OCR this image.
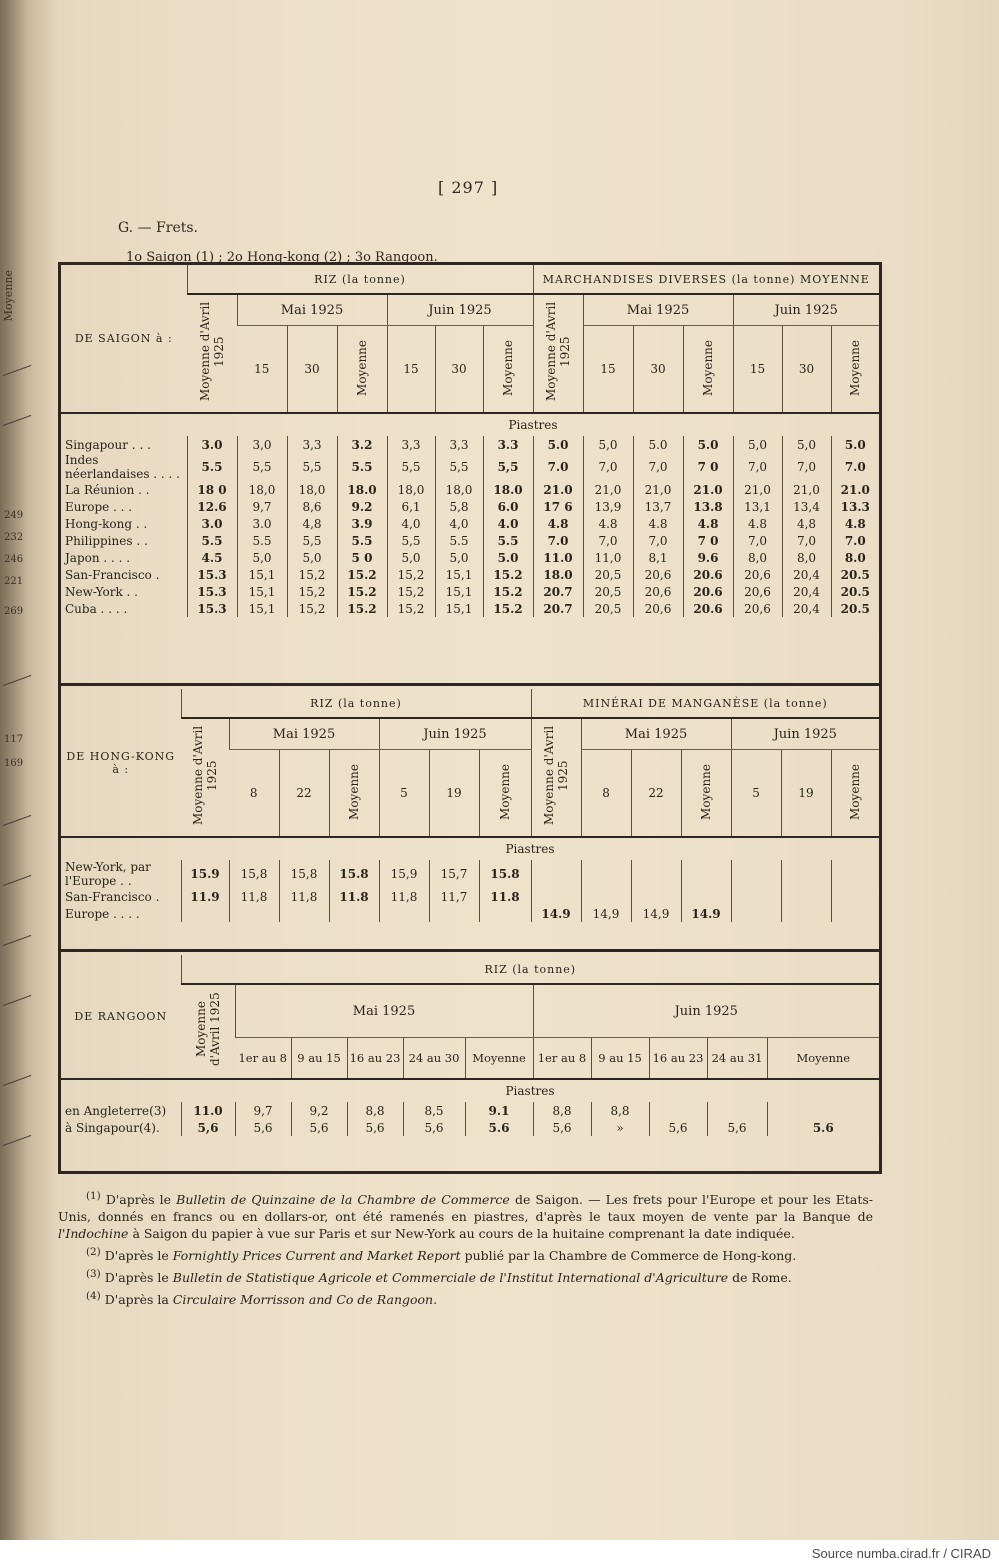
Moyenne
249
232
246
221
269
117
169
[ 297 ]
G. — Frets.
1o Saigon (1) ; 2o Hong-kong (2) ; 3o Rangoon.
DE SAIGON à :	RIZ (la tonne)							MARCHANDISES DIVERSES (la tonne) MOYENNE						
	Moyenne d'Avril 1925	Mai 1925			Juin 1925			Moyenne d'Avril 1925	Mai 1925			Juin 1925		
		15	30	Moyenne	15	30	Moyenne		15	30	Moyenne	15	30	Moyenne
	Piastres													
Singapour . . .	3.0	3,0	3,3	3.2	3,3	3,3	3.3	5.0	5,0	5.0	5.0	5,0	5,0	5.0
Indes néerlandaises . . . .	5.5	5,5	5,5	5.5	5,5	5,5	5,5	7.0	7,0	7,0	7 0	7,0	7,0	7.0
La Réunion . .	18 0	18,0	18,0	18.0	18,0	18,0	18.0	21.0	21,0	21,0	21.0	21,0	21,0	21.0
Europe . . .	12.6	9,7	8,6	9.2	6,1	5,8	6.0	17 6	13,9	13,7	13.8	13,1	13,4	13.3
Hong-kong . .	3.0	3.0	4,8	3.9	4,0	4,0	4.0	4.8	4.8	4.8	4.8	4.8	4,8	4.8
Philippines . .	5.5	5.5	5,5	5.5	5,5	5.5	5.5	7.0	7,0	7,0	7 0	7,0	7,0	7.0
Japon . . . .	4.5	5,0	5,0	5 0	5,0	5,0	5.0	11.0	11,0	8,1	9.6	8,0	8,0	8.0
San-Francisco .	15.3	15,1	15,2	15.2	15,2	15,1	15.2	18.0	20,5	20,6	20.6	20,6	20,4	20.5
New-York . .	15.3	15,1	15,2	15.2	15,2	15,1	15.2	20.7	20,5	20,6	20.6	20,6	20,4	20.5
Cuba . . . .	15.3	15,1	15,2	15.2	15,2	15,1	15.2	20.7	20,5	20,6	20.6	20,6	20,4	20.5
DE HONG-KONG à :	RIZ (la tonne)							MINÉRAI DE MANGANÈSE (la tonne)						
	Moyenne d'Avril 1925	Mai 1925			Juin 1925			Moyenne d'Avril 1925	Mai 1925			Juin 1925		
		8	22	Moyenne	5	19	Moyenne		8	22	Moyenne	5	19	Moyenne
	Piastres													
New-York, par l'Europe . .	15.9	15,8	15,8	15.8	15,9	15,7	15.8							
San-Francisco .	11.9	11,8	11,8	11.8	11,8	11,7	11.8							
Europe . . . .								14.9	14,9	14,9	14.9			
DE RANGOON	RIZ (la tonne)										
	Moyenne d'Avril 1925	Mai 1925					Juin 1925				
		1er au 8	9 au 15	16 au 23	24 au 30	Moyenne	1er au 8	9 au 15	16 au 23	24 au 31	Moyenne
	Piastres										
en Angleterre(3)	11.0	9,7	9,2	8,8	8,5	9.1	8,8	8,8			
à Singapour(4).	5,6	5,6	5,6	5,6	5,6	5.6	5,6	»	5,6	5,6	5.6

$^{(1)}$ D'après le Bulletin de Quinzaine de la Chambre de Commerce de Saigon. — Les frets pour l'Europe et pour les Etats-Unis, donnés en francs ou en dollars-or, ont été ramenés en piastres, d'après le taux moyen de vente par la Banque de l'Indochine à Saigon du papier à vue sur Paris et sur New-York au cours de la huitaine comprenant la date indiquée.

$^{(2)}$ D'après le Fornightly Prices Current and Market Report publié par la Chambre de Commerce de Hong-kong.

$^{(3)}$ D'après le Bulletin de Statistique Agricole et Commerciale de l'Institut International d'Agriculture de Rome.

$^{(4)}$ D'après la Circulaire Morrisson and Co de Rangoon.

Source numba.cirad.fr / CIRAD
